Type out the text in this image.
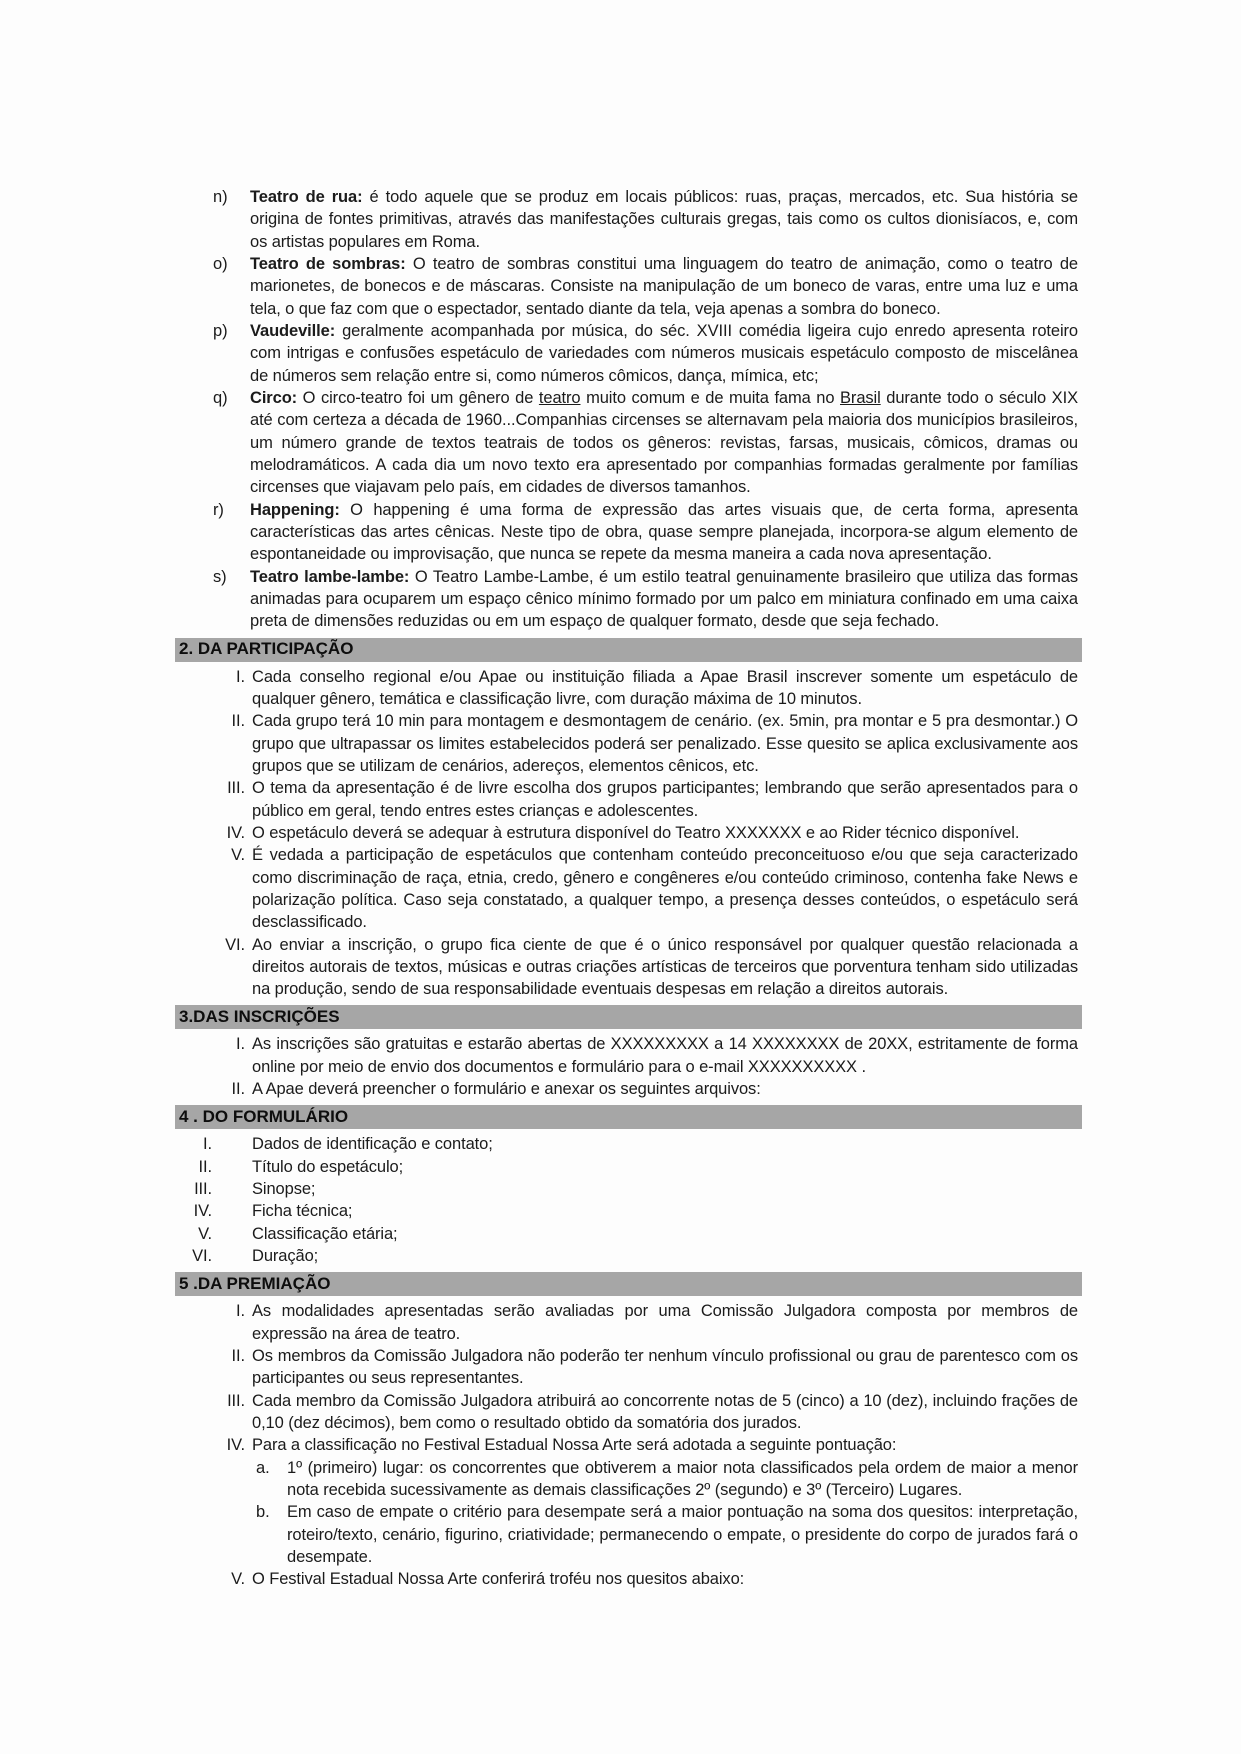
n)	Teatro de rua: é todo aquele que se produz em locais públicos: ruas, praças, mercados, etc. Sua história se origina de fontes primitivas, através das manifestações culturais gregas, tais como os cultos dionisíacos, e, com os artistas populares em Roma.
o)	Teatro de sombras: O teatro de sombras constitui uma linguagem do teatro de animação, como o teatro de marionetes, de bonecos e de máscaras. Consiste na manipulação de um boneco de varas, entre uma luz e uma tela, o que faz com que o espectador, sentado diante da tela, veja apenas a sombra do boneco.
p)	Vaudeville: geralmente acompanhada por música, do séc. XVIII comédia ligeira cujo enredo apresenta roteiro com intrigas e confusões espetáculo de variedades com números musicais espetáculo composto de miscelânea de números sem relação entre si, como números cômicos, dança, mímica, etc;
q)	Circo: O circo-teatro foi um gênero de teatro muito comum e de muita fama no Brasil durante todo o século XIX até com certeza a década de 1960...Companhias circenses se alternavam pela maioria dos municípios brasileiros, um número grande de textos teatrais de todos os gêneros: revistas, farsas, musicais, cômicos, dramas ou melodramáticos. A cada dia um novo texto era apresentado por companhias formadas geralmente por famílias circenses que viajavam pelo país, em cidades de diversos tamanhos.
r)	Happening: O happening é uma forma de expressão das artes visuais que, de certa forma, apresenta características das artes cênicas. Neste tipo de obra, quase sempre planejada, incorpora-se algum elemento de espontaneidade ou improvisação, que nunca se repete da mesma maneira a cada nova apresentação.
s)	Teatro lambe-lambe: O Teatro Lambe-Lambe, é um estilo teatral genuinamente brasileiro que utiliza das formas animadas para ocuparem um espaço cênico mínimo formado por um palco em miniatura confinado em uma caixa preta de dimensões reduzidas ou em um espaço de qualquer formato, desde que seja fechado.
2. DA PARTICIPAÇÃO
I. Cada conselho regional e/ou Apae ou instituição filiada a Apae Brasil inscrever somente um espetáculo de qualquer gênero, temática e classificação livre, com duração máxima de 10 minutos.
II. Cada grupo terá 10 min para montagem e desmontagem de cenário. (ex. 5min, pra montar e 5 pra desmontar.) O grupo que ultrapassar os limites estabelecidos poderá ser penalizado. Esse quesito se aplica exclusivamente aos grupos que se utilizam de cenários, adereços, elementos cênicos, etc.
III. O tema da apresentação é de livre escolha dos grupos participantes; lembrando que serão apresentados para o público em geral, tendo entres estes crianças e adolescentes.
IV. O espetáculo deverá se adequar à estrutura disponível do Teatro XXXXXXX e ao Rider técnico disponível.
V. É vedada a participação de espetáculos que contenham conteúdo preconceituoso e/ou que seja caracterizado como discriminação de raça, etnia, credo, gênero e congêneres e/ou conteúdo criminoso, contenha fake News e polarização política. Caso seja constatado, a qualquer tempo, a presença desses conteúdos, o espetáculo será desclassificado.
VI. Ao enviar a inscrição, o grupo fica ciente de que é o único responsável por qualquer questão relacionada a direitos autorais de textos, músicas e outras criações artísticas de terceiros que porventura tenham sido utilizadas na produção, sendo de sua responsabilidade eventuais despesas em relação a direitos autorais.
3.DAS INSCRIÇÕES
I. As inscrições são gratuitas e estarão abertas de XXXXXXXXX a 14 XXXXXXXX de 20XX, estritamente de forma online por meio de envio dos documentos e formulário para o e-mail XXXXXXXXXX .
II. A Apae deverá preencher o formulário e anexar os seguintes arquivos:
4 . DO FORMULÁRIO
I. Dados de identificação e contato;
II. Título do espetáculo;
III. Sinopse;
IV. Ficha técnica;
V. Classificação etária;
VI. Duração;
5 .DA PREMIAÇÃO
I. As modalidades apresentadas serão avaliadas por uma Comissão Julgadora composta por membros de expressão na área de teatro.
II. Os membros da Comissão Julgadora não poderão ter nenhum vínculo profissional ou grau de parentesco com os participantes ou seus representantes.
III. Cada membro da Comissão Julgadora atribuirá ao concorrente notas de 5 (cinco) a 10 (dez), incluindo frações de 0,10 (dez décimos), bem como o resultado obtido da somatória dos jurados.
IV. Para a classificação no Festival Estadual Nossa Arte será adotada a seguinte pontuação:
a.	1º (primeiro) lugar: os concorrentes que obtiverem a maior nota classificados pela ordem de maior a menor nota recebida sucessivamente as demais classificações 2º (segundo) e 3º (Terceiro) Lugares.
b.	Em caso de empate o critério para desempate será a maior pontuação na soma dos quesitos: interpretação, roteiro/texto, cenário, figurino, criatividade; permanecendo o empate, o presidente do corpo de jurados fará o desempate.
V. O Festival Estadual Nossa Arte conferirá troféu nos quesitos abaixo:
